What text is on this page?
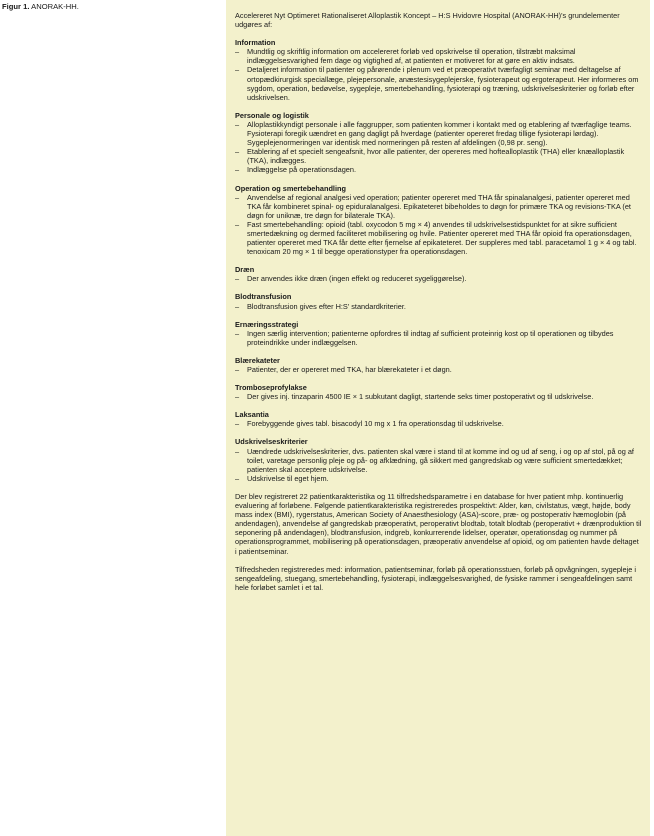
Figur 1. ANORAK-HH.

Accelereret Nyt Optimeret Rationaliseret Alloplastik Koncept – H:S Hvidovre Hospital (ANORAK-HH)'s grundelementer udgøres af:

Information
– Mundtlig og skriftlig information om accelereret forløb ved opskrivelse til operation, tilstræbt maksimal indlæggelsesvarighed fem dage og vigtighed af, at patienten er motiveret for at gøre en aktiv indsats.
– Detaljeret information til patienter og pårørende i plenum ved et præoperativt tværfagligt seminar med deltagelse af ortopædkirurgisk speciallæge, plejepersonale, anæstesisygeplejerske, fysioterapeut og ergoterapeut. Her informeres om sygdom, operation, bedøvelse, sygepleje, smertebehandling, fysioterapi og træning, udskrivelseskriterier og forløb efter udskrivelsen.
Personale og logistik
– Alloplastikkyndigt personale i alle faggrupper, som patienten kommer i kontakt med og etablering af tværfaglige teams. Fysioterapi foregik uændret en gang dagligt på hverdage (patienter opereret fredag tillige fysioterapi lørdag). Sygeplejenormeringen var identisk med normeringen på resten af afdelingen (0,98 pr. seng).
– Etablering af et specielt sengeafsnit, hvor alle patienter, der opereres med hofteallopIastik (THA) eller knæalloplastik (TKA), indlægges.
– Indlæggelse på operationsdagen.
Operation og smertebehandling
– Anvendelse af regional analgesi ved operation; patienter opereret med THA får spinalanalgesi, patienter opereret med TKA får kombineret spinal- og epiduralanalgesi. Epikateteret bibeholdes to døgn for primære TKA og revisions-TKA (et døgn for uniknæ, tre døgn for bilaterale TKA).
– Fast smertebehandling: opioid (tabl. oxycodon 5 mg × 4) anvendes til udskrivelsestidspunktet for at sikre sufficient smertedækning og dermed faciliteret mobilisering og hvile. Patienter opereret med THA får opioid fra operationsdagen, patienter opereret med TKA får dette efter fjernelse af epikateteret. Der suppleres med tabl. paracetamol 1 g × 4 og tabl. tenoxicam 20 mg × 1 til begge operationstyper fra operationsdagen.
Dræn
– Der anvendes ikke dræn (ingen effekt og reduceret sygeliggørelse).
Blodtransfusion
– Blodtransfusion gives efter H:S' standardkriterier.
Ernæringsstrategi
– Ingen særlig intervention; patienterne opfordres til indtag af sufficient proteinrig kost op til operationen og tilbydes proteindrikke under indlæggelsen.
Blærekateter
– Patienter, der er opereret med TKA, har blærekateter i et døgn.
Tromboseprofylakse
– Der gives inj. tinzaparin 4500 IE × 1 subkutant dagligt, startende seks timer postoperativt og til udskrivelse.
Laksantia
– Forebyggende gives tabl. bisacodyl 10 mg x 1 fra operationsdag til udskrivelse.
Udskrivelseskriterier
– Uændrede udskrivelseskriterier, dvs. patienten skal være i stand til at komme ind og ud af seng, i og op af stol, på og af toilet, varetage personlig pleje og på- og afklædning, gå sikkert med gangredskab og være sufficient smertedækket; patienten skal acceptere udskrivelse.
– Udskrivelse til eget hjem.

Der blev registreret 22 patientkarakteristika og 11 tilfredshedsparametre i en database for hver patient mhp. kontinuerlig evaluering af forløbene. Følgende patientkarakteristika registreredes prospektivt: Alder, køn, civilstatus, vægt, højde, body mass index (BMI), rygerstatus, American Society of Anaesthesiology (ASA)-score, præ- og postoperativ hæmoglobin (på andendagen), anvendelse af gangredskab præoperativt, peroperativt blodtab, totalt blodtab (peroperativt + drænproduktion til seponering på andendagen), blodtransfusion, indgreb, konkurrerende lidelser, operatør, operationsdag og nummer på operationsprogrammet, mobilisering på operationsdagen, præoperativ anvendelse af opioid, og om patienten havde deltaget i patientseminar.

Tilfredsheden registreredes med: information, patientseminar, forløb på operationsstuen, forløb på opvågningen, sygepleje i sengeafdeling, stuegang, smertebehandling, fysioterapi, indlæggelsesvarighed, de fysiske rammer i sengeafdelingen samt hele forløbet samlet i et tal.
